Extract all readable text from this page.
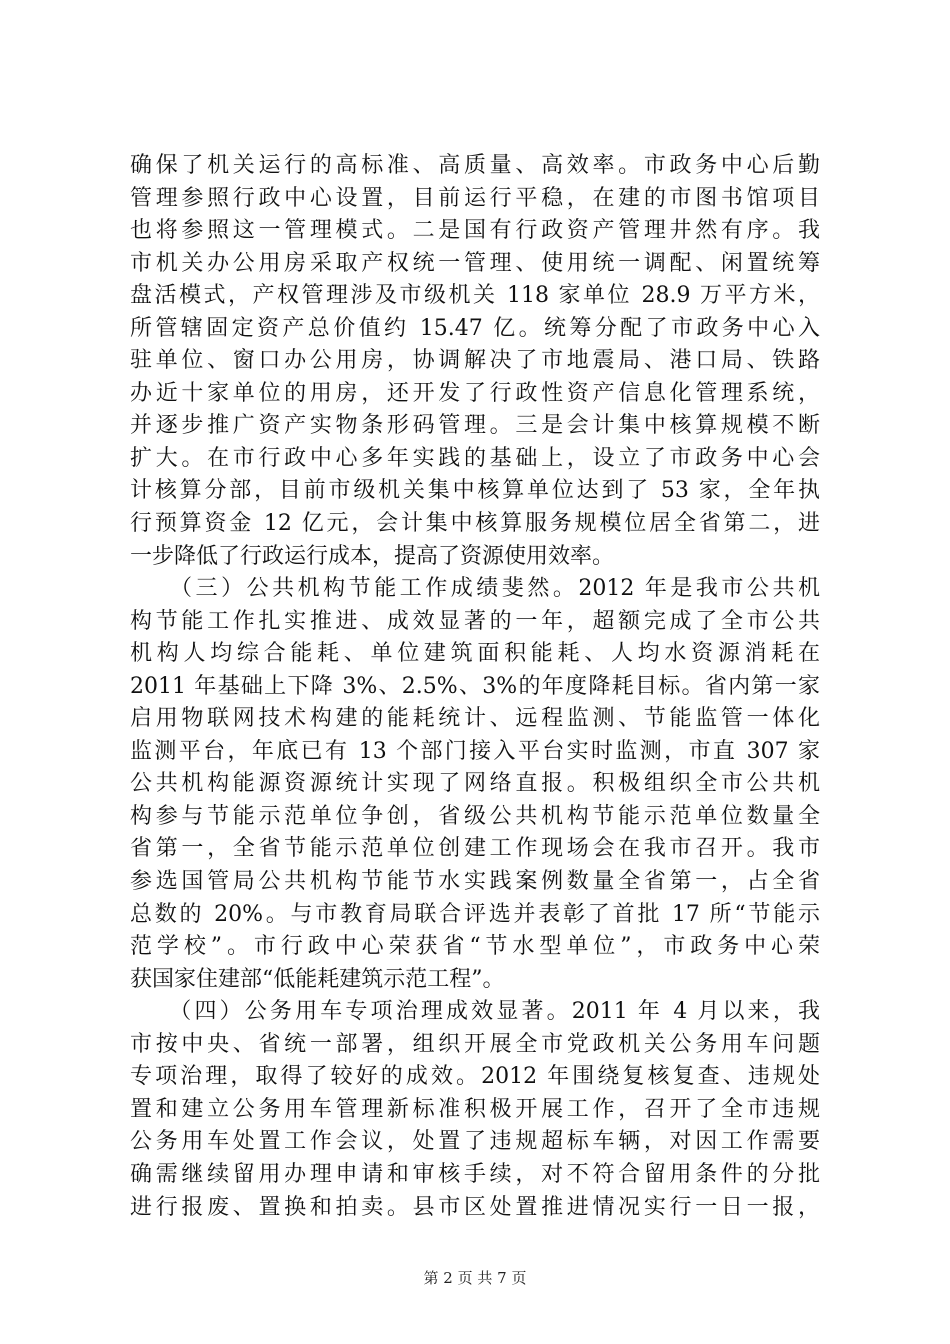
确保了机关运行的高标准、高质量、高效率。市政务中心后勤
管理参照行政中心设置，目前运行平稳，在建的市图书馆项目
也将参照这一管理模式。二是国有行政资产管理井然有序。我
市机关办公用房采取产权统一管理、使用统一调配、闲置统筹
盘活模式，产权管理涉及市级机关 118 家单位 28.9 万平方米，
所管辖固定资产总价值约 15.47 亿。统筹分配了市政务中心入
驻单位、窗口办公用房，协调解决了市地震局、港口局、铁路
办近十家单位的用房，还开发了行政性资产信息化管理系统，
并逐步推广资产实物条形码管理。三是会计集中核算规模不断
扩大。在市行政中心多年实践的基础上，设立了市政务中心会
计核算分部，目前市级机关集中核算单位达到了 53 家，全年执
行预算资金 12 亿元，会计集中核算服务规模位居全省第二，进
一步降低了行政运行成本，提高了资源使用效率。
　　（三）公共机构节能工作成绩斐然。2012 年是我市公共机
构节能工作扎实推进、成效显著的一年，超额完成了全市公共
机构人均综合能耗、单位建筑面积能耗、人均水资源消耗在
2011 年基础上下降 3%、2.5%、3%的年度降耗目标。省内第一家
启用物联网技术构建的能耗统计、远程监测、节能监管一体化
监测平台，年底已有 13 个部门接入平台实时监测，市直 307 家
公共机构能源资源统计实现了网络直报。积极组织全市公共机
构参与节能示范单位争创，省级公共机构节能示范单位数量全
省第一，全省节能示范单位创建工作现场会在我市召开。我市
参选国管局公共机构节能节水实践案例数量全省第一，占全省
总数的 20%。与市教育局联合评选并表彰了首批 17 所“节能示
范学校”。市行政中心荣获省“节水型单位”，市政务中心荣
获国家住建部“低能耗建筑示范工程”。
　　（四）公务用车专项治理成效显著。2011 年 4 月以来，我
市按中央、省统一部署，组织开展全市党政机关公务用车问题
专项治理，取得了较好的成效。2012 年围绕复核复查、违规处
置和建立公务用车管理新标准积极开展工作，召开了全市违规
公务用车处置工作会议，处置了违规超标车辆，对因工作需要
确需继续留用办理申请和审核手续，对不符合留用条件的分批
进行报废、置换和拍卖。县市区处置推进情况实行一日一报，
第 2 页 共 7 页
